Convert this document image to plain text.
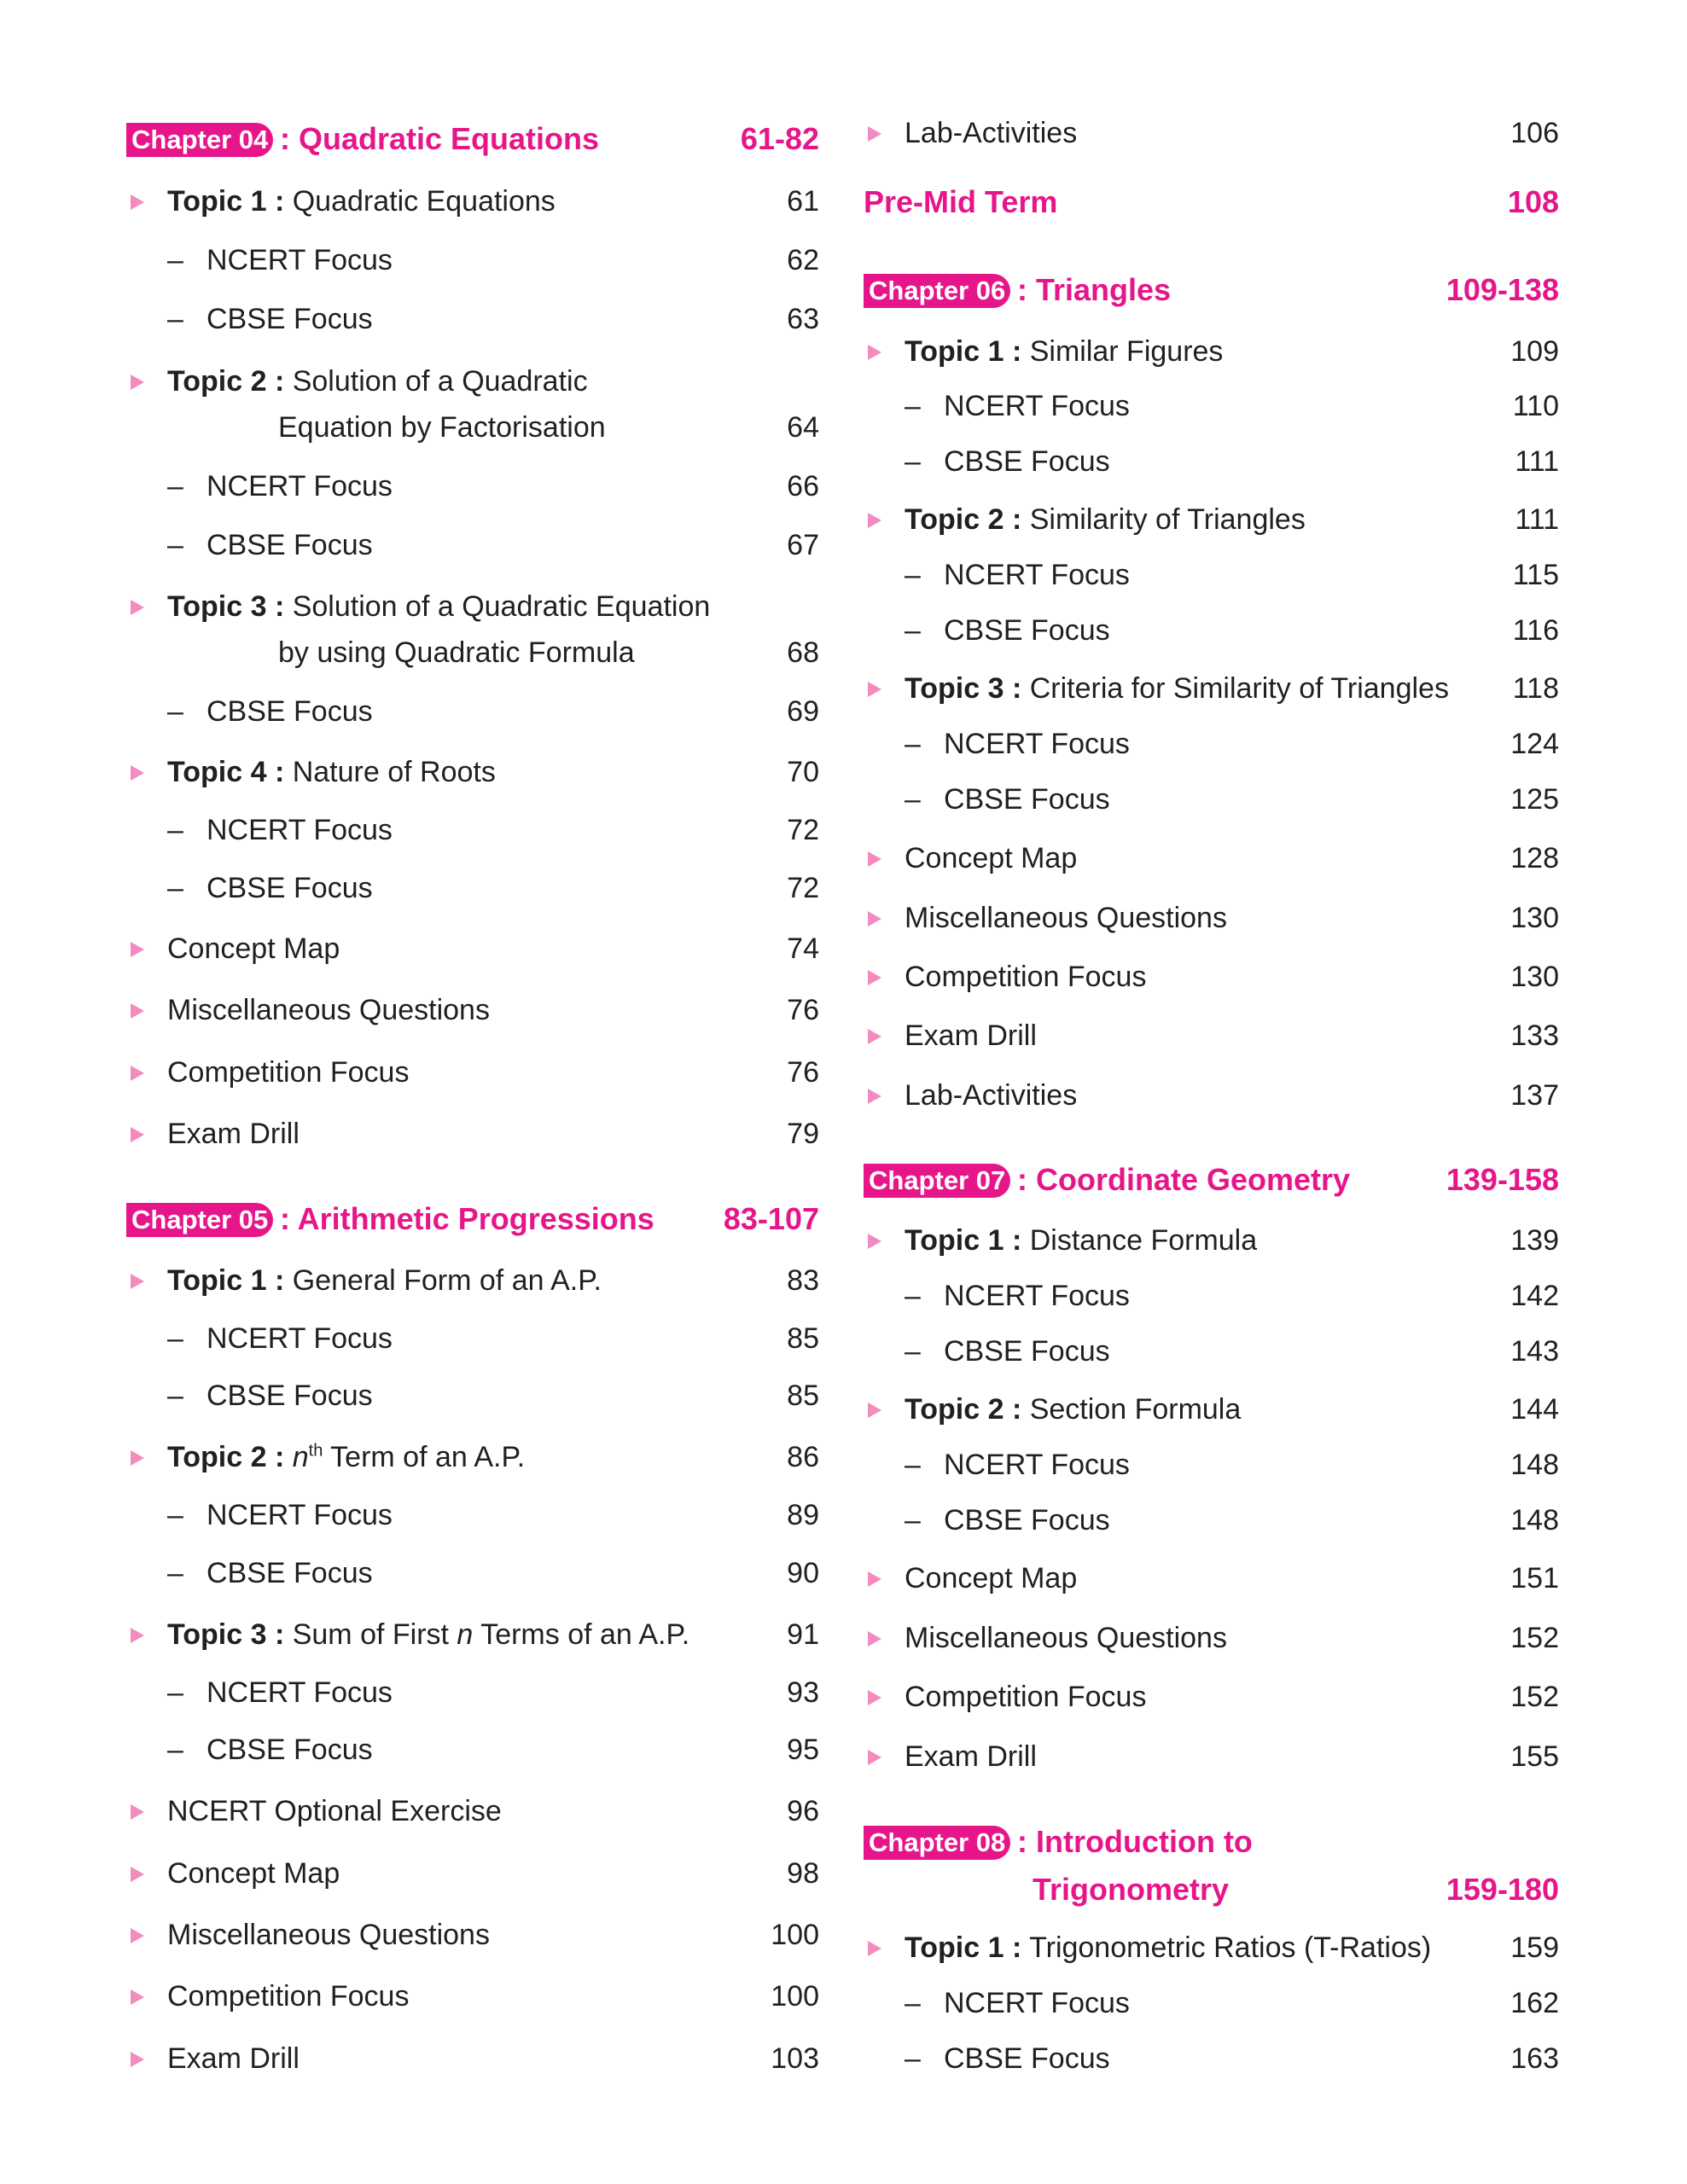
Chapter 04 : Quadratic Equations	61-82
Topic 1 : Quadratic Equations	61
– NCERT Focus	62
– CBSE Focus	63
Topic 2 : Solution of a Quadratic
Equation by Factorisation	64
– NCERT Focus	66
– CBSE Focus	67
Topic 3 : Solution of a Quadratic Equation
by using Quadratic Formula	68
– CBSE Focus	69
Topic 4 : Nature of Roots	70
– NCERT Focus	72
– CBSE Focus	72
Concept Map	74
Miscellaneous Questions	76
Competition Focus	76
Exam Drill	79
Chapter 05 : Arithmetic Progressions 83-107
Topic 1 : General Form of an A.P.	83
– NCERT Focus	85
– CBSE Focus	85
Topic 2 : $n^{th}$ Term of an A.P.	86
– NCERT Focus	89
– CBSE Focus	90
Topic 3 : Sum of First n Terms of an A.P.	91
– NCERT Focus	93
– CBSE Focus	95
NCERT Optional Exercise	96
Concept Map	98
Miscellaneous Questions	100
Competition Focus	100
Exam Drill	103
Lab-Activities	106
Pre-Mid Term	108
Chapter 06 : Triangles	109-138
Topic 1 : Similar Figures	109
– NCERT Focus	110
– CBSE Focus	111
Topic 2 : Similarity of Triangles	111
– NCERT Focus	115
– CBSE Focus	116
Topic 3 : Criteria for Similarity of Triangles 118
– NCERT Focus	124
– CBSE Focus	125
Concept Map	128
Miscellaneous Questions	130
Competition Focus	130
Exam Drill	133
Lab-Activities	137
Chapter 07 : Coordinate Geometry	139-158
Topic 1 : Distance Formula	139
– NCERT Focus	142
– CBSE Focus	143
Topic 2 : Section Formula	144
– NCERT Focus	148
– CBSE Focus	148
Concept Map	151
Miscellaneous Questions	152
Competition Focus	152
Exam Drill	155
Chapter 08 : Introduction to
Trigonometry	159-180
Topic 1 : Trigonometric Ratios (T-Ratios)	159
– NCERT Focus	162
– CBSE Focus	163
